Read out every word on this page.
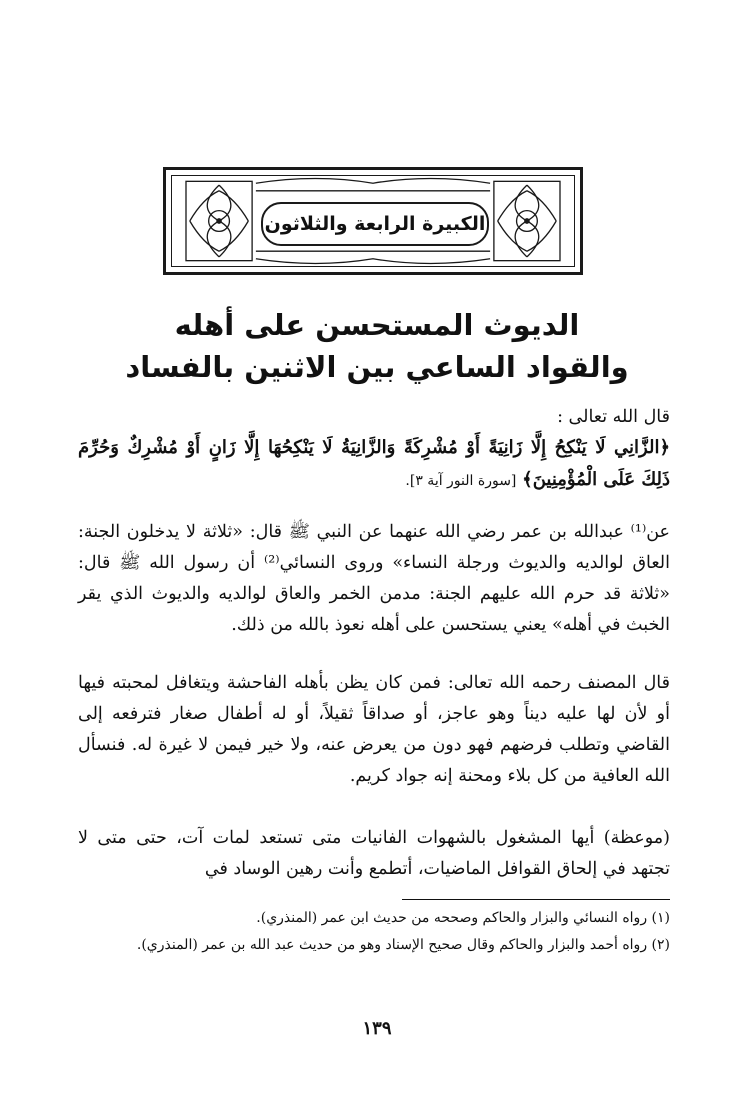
الكبيرة الرابعة والثلاثون
الديوث المستحسن على أهله
والقواد الساعي بين الاثنين بالفساد
قال الله تعالى :
﴿الزَّانِي لَا يَنْكِحُ إِلَّا زَانِيَةً أَوْ مُشْرِكَةً وَالزَّانِيَةُ لَا يَنْكِحُهَا إِلَّا زَانٍ أَوْ مُشْرِكٌ وَحُرِّمَ ذَلِكَ عَلَى الْمُؤْمِنِينَ﴾ [سورة النور آية ٣].
عن⁽¹⁾ عبدالله بن عمر رضي الله عنهما عن النبي ﷺ قال: «ثلاثة لا يدخلون الجنة: العاق لوالديه والديوث ورجلة النساء» وروى النسائي⁽²⁾ أن رسول الله ﷺ قال: «ثلاثة قد حرم الله عليهم الجنة: مدمن الخمر والعاق لوالديه والديوث الذي يقر الخبث في أهله» يعني يستحسن على أهله نعوذ بالله من ذلك.
قال المصنف رحمه الله تعالى: فمن كان يظن بأهله الفاحشة ويتغافل لمحبته فيها أو لأن لها عليه ديناً وهو عاجز، أو صداقاً ثقيلاً، أو له أطفال صغار فترفعه إلى القاضي وتطلب فرضهم فهو دون من يعرض عنه، ولا خير فيمن لا غيرة له. فنسأل الله العافية من كل بلاء ومحنة إنه جواد كريم.
(موعظة) أيها المشغول بالشهوات الفانيات متى تستعد لمات آت، حتى متى لا تجتهد في إلحاق القوافل الماضيات، أتطمع وأنت رهين الوساد في
(١) رواه النسائي والبزار والحاكم وصححه من حديث ابن عمر (المنذري).
(٢) رواه أحمد والبزار والحاكم وقال صحيح الإسناد وهو من حديث عبد الله بن عمر (المنذري).
١٣٩
